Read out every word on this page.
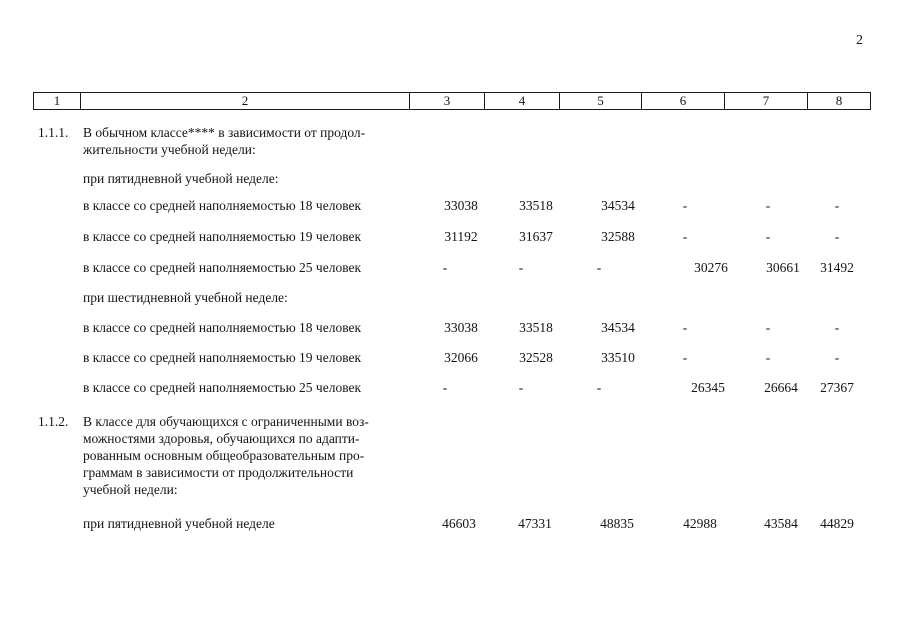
2
1	2	3	4	5	6	7	8
1.1.1. В обычном классе**** в зависимости от продол-
жительности учебной недели:
при пятидневной учебной неделе:
в классе со средней наполняемостью 18 человек	33038	33518	34534	-	-	-
в классе со средней наполняемостью 19 человек	31192	31637	32588	-	-	-
в классе со средней наполняемостью 25 человек	-	-	-	30276	30661	31492
при шестидневной учебной неделе:
в классе со средней наполняемостью 18 человек	33038	33518	34534	-	-	-
в классе со средней наполняемостью 19 человек	32066	32528	33510	-	-	-
в классе со средней наполняемостью 25 человек	-	-	-	26345	26664	27367
1.1.2. В классе для обучающихся с ограниченными воз-
можностями здоровья, обучающихся по адапти-
рованным основным общеобразовательным про-
граммам в зависимости от продолжительности
учебной недели:
при пятидневной учебной неделе	46603	47331	48835	42988	43584	44829
